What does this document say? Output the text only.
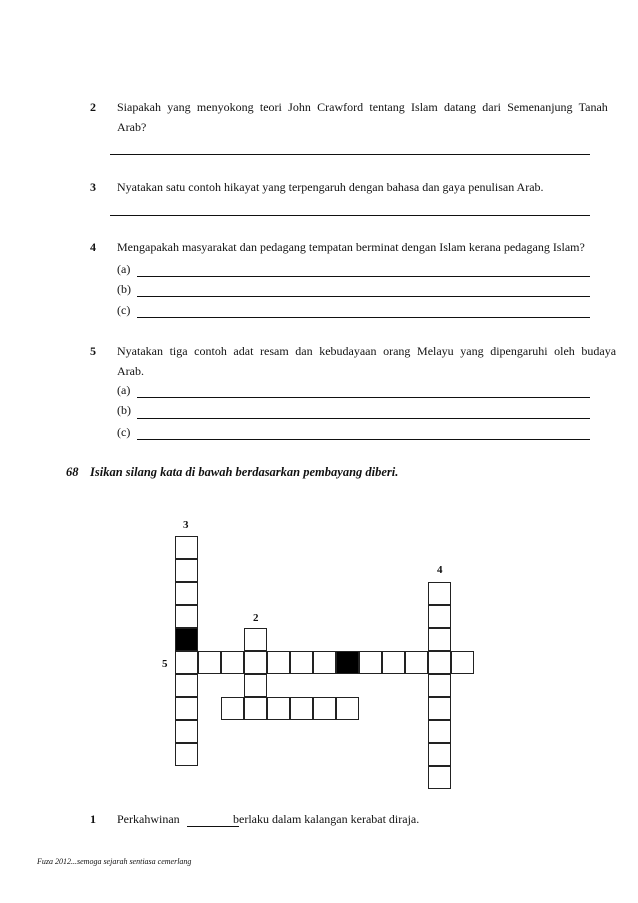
2 Siapakah yang menyokong teori John Crawford tentang Islam datang dari Semenanjung Tanah
Arab?
3 Nyatakan satu contoh hikayat yang terpengaruh dengan bahasa dan gaya penulisan Arab.
4 Mengapakah masyarakat dan pedagang tempatan berminat dengan Islam kerana pedagang Islam?
(a)
(b)
(c)
5 Nyatakan tiga contoh adat resam dan kebudayaan orang Melayu yang dipengaruhi oleh budaya
Arab.
(a)
(b)
(c)
68 Isikan silang kata di bawah berdasarkan pembayang diberi.
3
4
2
5
1 Perkahwinan	berlaku dalam kalangan kerabat diraja.
Fuza 2012...semoga sejarah sentiasa cemerlang
